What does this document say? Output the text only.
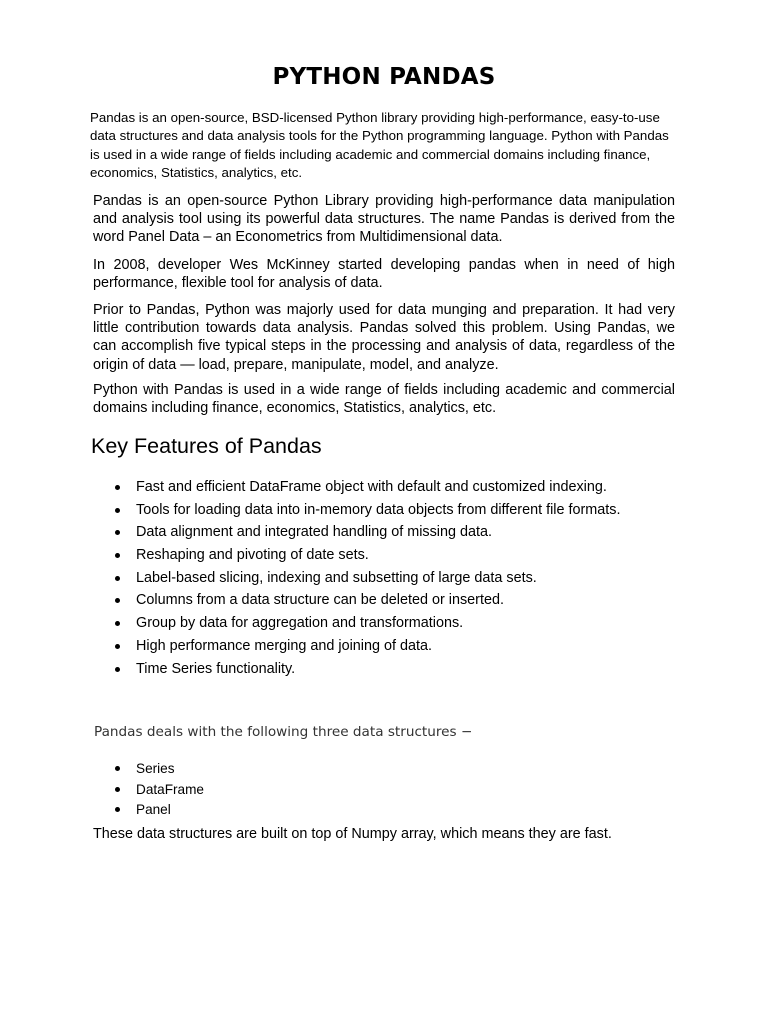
PYTHON PANDAS

Pandas is an open-source, BSD-licensed Python library providing high-performance, easy-to-use data structures and data analysis tools for the Python programming language. Python with Pandas is used in a wide range of fields including academic and commercial domains including finance, economics, Statistics, analytics, etc.

Pandas is an open-source Python Library providing high-performance data manipulation and analysis tool using its powerful data structures. The name Pandas is derived from the word Panel Data – an Econometrics from Multidimensional data.

In 2008, developer Wes McKinney started developing pandas when in need of high performance, flexible tool for analysis of data.

Prior to Pandas, Python was majorly used for data munging and preparation. It had very little contribution towards data analysis. Pandas solved this problem. Using Pandas, we can accomplish five typical steps in the processing and analysis of data, regardless of the origin of data — load, prepare, manipulate, model, and analyze.

Python with Pandas is used in a wide range of fields including academic and commercial domains including finance, economics, Statistics, analytics, etc.

Key Features of Pandas
Fast and efficient DataFrame object with default and customized indexing.
Tools for loading data into in-memory data objects from different file formats.
Data alignment and integrated handling of missing data.
Reshaping and pivoting of date sets.
Label-based slicing, indexing and subsetting of large data sets.
Columns from a data structure can be deleted or inserted.
Group by data for aggregation and transformations.
High performance merging and joining of data.
Time Series functionality.

Pandas deals with the following three data structures −

Series
DataFrame
Panel

These data structures are built on top of Numpy array, which means they are fast.
